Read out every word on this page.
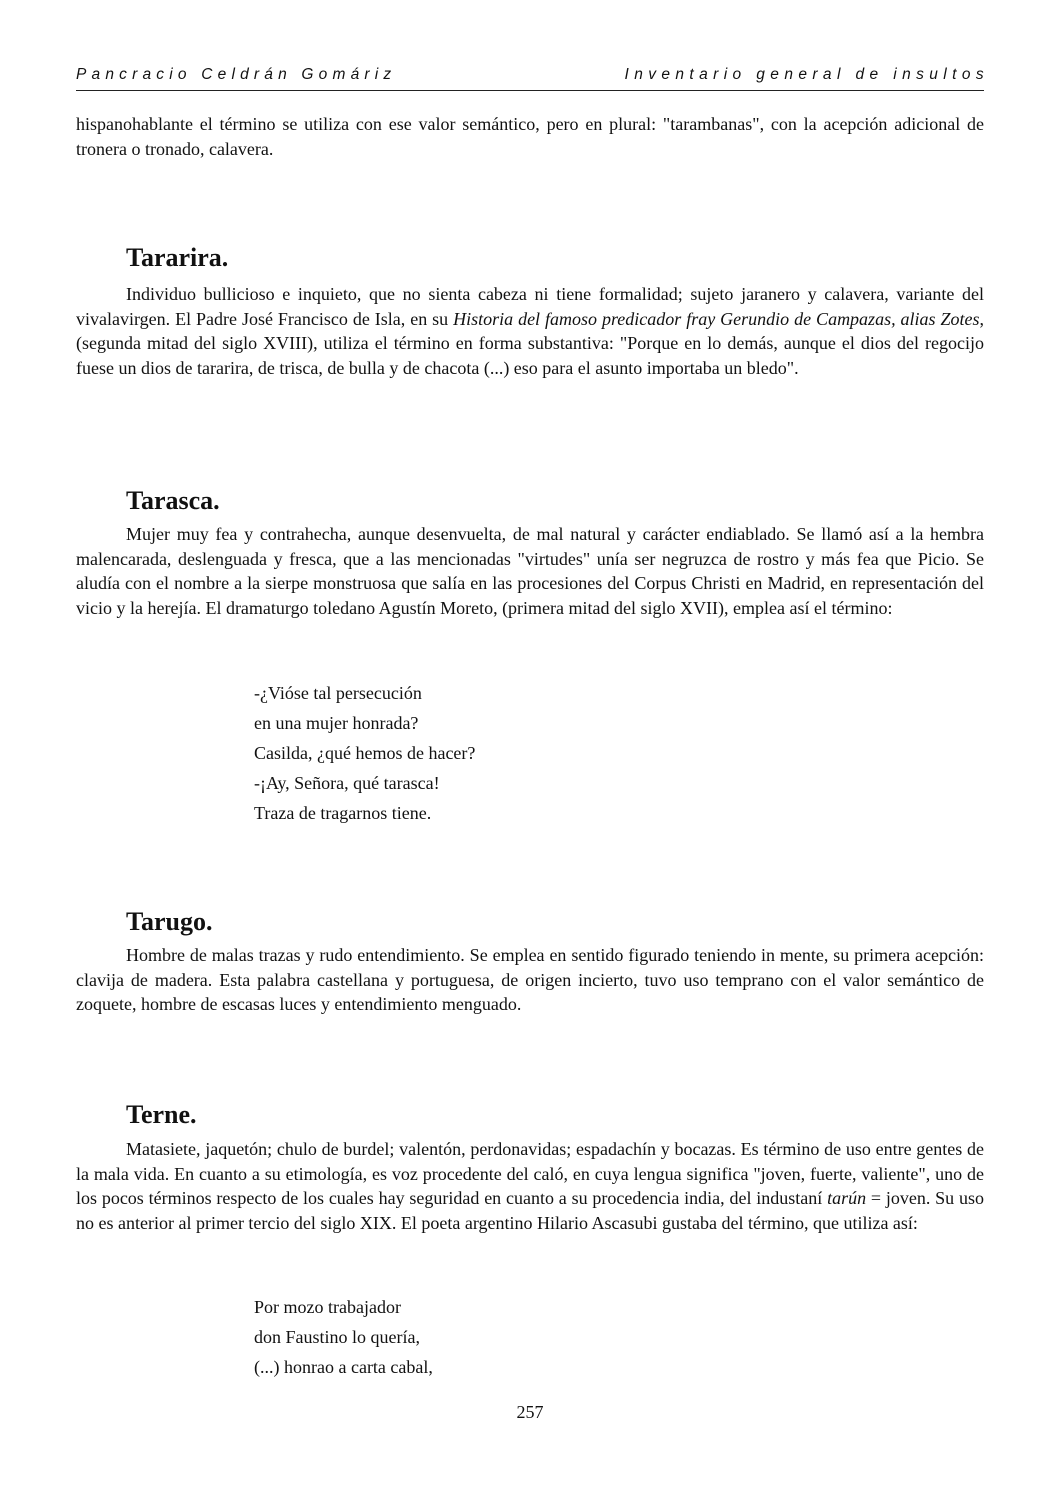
Pancracio Celdrán Gomáriz	Inventario general de insultos

hispanohablante el término se utiliza con ese valor semántico, pero en plural: "tarambanas", con la acepción adicional de tronera o tronado, calavera.

Tararira.

Individuo bullicioso e inquieto, que no sienta cabeza ni tiene formalidad; sujeto jaranero y calavera, variante del vivalavirgen. El Padre José Francisco de Isla, en su Historia del famoso predicador fray Gerundio de Campazas, alias Zotes, (segunda mitad del siglo XVIII), utiliza el término en forma substantiva: "Porque en lo demás, aunque el dios del regocijo fuese un dios de tararira, de trisca, de bulla y de chacota (...) eso para el asunto importaba un bledo".

Tarasca.

Mujer muy fea y contrahecha, aunque desenvuelta, de mal natural y carácter endiablado. Se llamó así a la hembra malencarada, deslenguada y fresca, que a las mencionadas "virtudes" unía ser negruzca de rostro y más fea que Picio. Se aludía con el nombre a la sierpe monstruosa que salía en las procesiones del Corpus Christi en Madrid, en representación del vicio y la herejía. El dramaturgo toledano Agustín Moreto, (primera mitad del siglo XVII), emplea así el término:

-¿Vióse tal persecución
en una mujer honrada?
Casilda, ¿qué hemos de hacer?
-¡Ay, Señora, qué tarasca!
Traza de tragarnos tiene.
Tarugo.

Hombre de malas trazas y rudo entendimiento. Se emplea en sentido figurado teniendo in mente, su primera acepción: clavija de madera. Esta palabra castellana y portuguesa, de origen incierto, tuvo uso temprano con el valor semántico de zoquete, hombre de escasas luces y entendimiento menguado.

Terne.

Matasiete, jaquetón; chulo de burdel; valentón, perdonavidas; espadachín y bocazas. Es término de uso entre gentes de la mala vida. En cuanto a su etimología, es voz procedente del caló, en cuya lengua significa "joven, fuerte, valiente", uno de los pocos términos respecto de los cuales hay seguridad en cuanto a su procedencia india, del industaní tarún = joven. Su uso no es anterior al primer tercio del siglo XIX. El poeta argentino Hilario Ascasubi gustaba del término, que utiliza así:

Por mozo trabajador
don Faustino lo quería,
(...) honrao a carta cabal,
257
